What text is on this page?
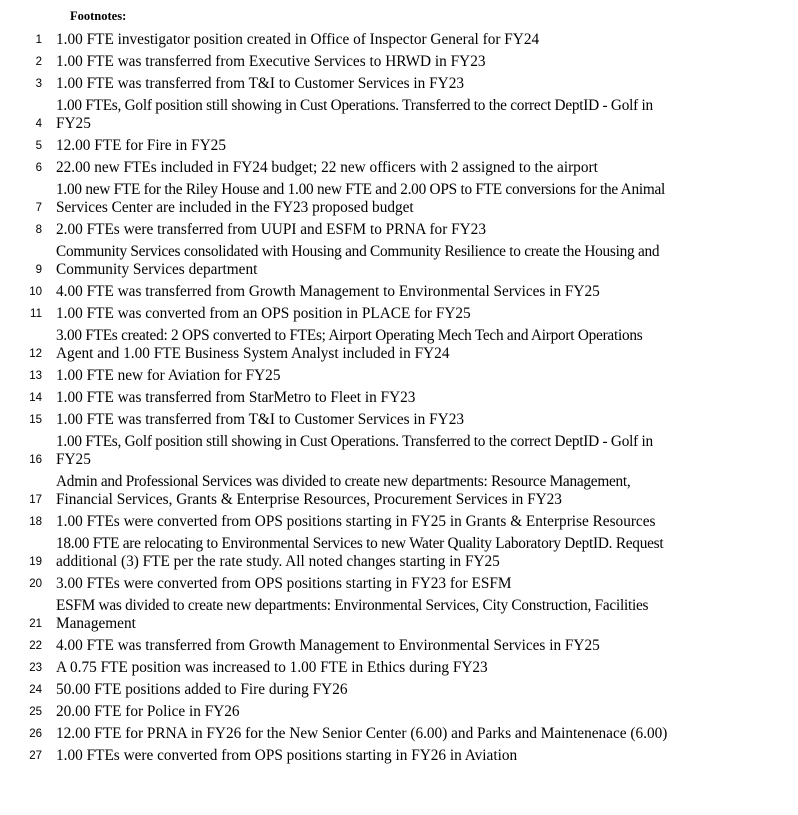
Footnotes:
1 1.00 FTE investigator position created in Office of Inspector General for FY24
2 1.00 FTE was transferred from Executive Services to HRWD in FY23
3 1.00 FTE was transferred from T&I to Customer Services in FY23
4
1.00 FTEs, Golf position still showing in Cust Operations. Transferred to the correct DeptID - Golf in
FY25
5 12.00 FTE for Fire in FY25
6 22.00 new FTEs included in FY24 budget; 22 new officers with 2 assigned to the airport
7
1.00 new FTE for the Riley House and 1.00 new FTE and 2.00 OPS to FTE conversions for the Animal
Services Center are included in the FY23 proposed budget
8 2.00 FTEs were transferred from UUPI and ESFM to PRNA for FY23
9
Community Services consolidated with Housing and Community Resilience to create the Housing and
Community Services department
10 4.00 FTE was transferred from Growth Management to Environmental Services in FY25
11 1.00 FTE was converted from an OPS position in PLACE for FY25
12
3.00 FTEs created: 2 OPS converted to FTEs; Airport Operating Mech Tech and Airport Operations
Agent and 1.00 FTE Business System Analyst included in FY24
13 1.00 FTE new for Aviation for FY25
14 1.00 FTE was transferred from StarMetro to Fleet in FY23
15 1.00 FTE was transferred from T&I to Customer Services in FY23
16
1.00 FTEs, Golf position still showing in Cust Operations. Transferred to the correct DeptID - Golf in
FY25
17
Admin and Professional Services was divided to create new departments: Resource Management,
Financial Services, Grants & Enterprise Resources, Procurement Services in FY23
18 1.00 FTEs were converted from OPS positions starting in FY25 in Grants & Enterprise Resources
19
18.00 FTE are relocating to Environmental Services to new Water Quality Laboratory DeptID. Request
additional (3) FTE per the rate study. All noted changes starting in FY25
20 3.00 FTEs were converted from OPS positions starting in FY23 for ESFM
21
ESFM was divided to create new departments: Environmental Services, City Construction, Facilities
Management
22 4.00 FTE was transferred from Growth Management to Environmental Services in FY25
23 A 0.75 FTE position was increased to 1.00 FTE in Ethics during FY23
24 50.00 FTE positions added to Fire during FY26
25 20.00 FTE for Police in FY26
26 12.00 FTE for PRNA in FY26 for the New Senior Center (6.00) and Parks and Maintenenace (6.00)
27 1.00 FTEs were converted from OPS positions starting in FY26 in Aviation
